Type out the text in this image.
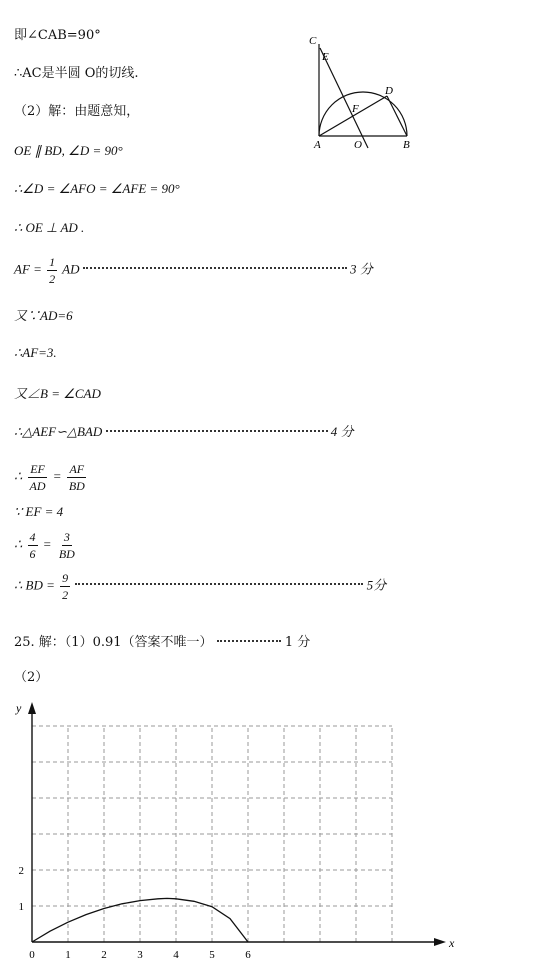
即∠CAB=90°
∴AC是半圆 O的切线.
（2）解：由题意知，
OE ∥ BD, ∠D = 90°
∴∠D = ∠AFO = ∠AFE = 90°
∴ OE ⊥ AD .
AF = $\frac{1}{2}$ AD	3 分
又∵AD=6
∴AF=3.
又∠B = ∠CAD
∴△AEF∽△BAD	4 分
∴ $\frac{EF}{AD} = \frac{AF}{BD}$
∵ EF = 4
∴ $\frac{4}{6} = \frac{3}{BD}$
∴ BD = $\frac{9}{2}$	5分
25. 解：（1）0.91（答案不唯一）	1 分
（2）
C
E
D
F
A	O	B
x
y
0	1	2	3	4	5	6
1
2
